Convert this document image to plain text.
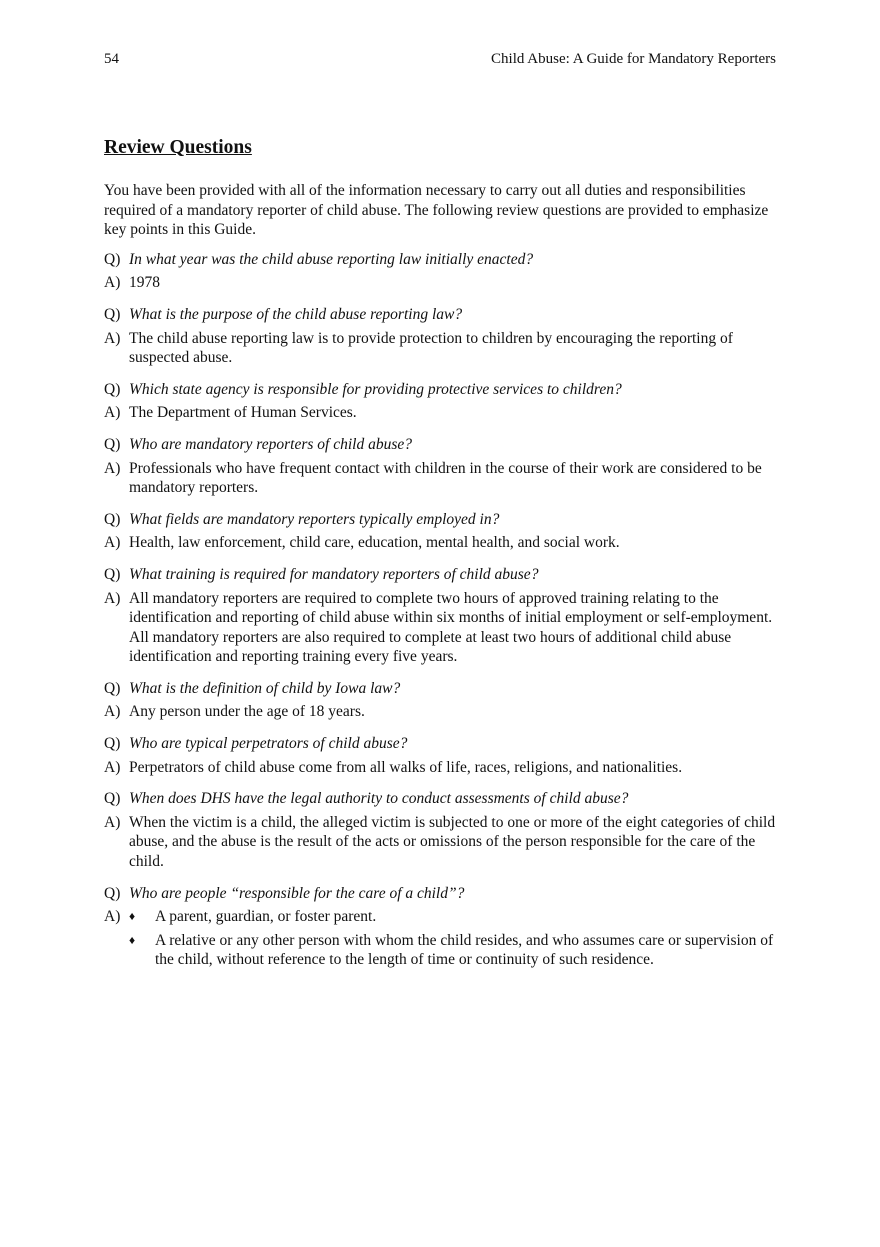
54	Child Abuse: A Guide for Mandatory Reporters
Review Questions

You have been provided with all of the information necessary to carry out all duties and responsibilities required of a mandatory reporter of child abuse. The following review questions are provided to emphasize key points in this Guide.

Q) In what year was the child abuse reporting law initially enacted?
A) 1978
Q) What is the purpose of the child abuse reporting law?
A) The child abuse reporting law is to provide protection to children by encouraging the reporting of suspected abuse.
Q) Which state agency is responsible for providing protective services to children?
A) The Department of Human Services.
Q) Who are mandatory reporters of child abuse?
A) Professionals who have frequent contact with children in the course of their work are considered to be mandatory reporters.
Q) What fields are mandatory reporters typically employed in?
A) Health, law enforcement, child care, education, mental health, and social work.
Q) What training is required for mandatory reporters of child abuse?
A) All mandatory reporters are required to complete two hours of approved training relating to the identification and reporting of child abuse within six months of initial employment or self-employment. All mandatory reporters are also required to complete at least two hours of additional child abuse identification and reporting training every five years.
Q) What is the definition of child by Iowa law?
A) Any person under the age of 18 years.
Q) Who are typical perpetrators of child abuse?
A) Perpetrators of child abuse come from all walks of life, races, religions, and nationalities.
Q) When does DHS have the legal authority to conduct assessments of child abuse?
A) When the victim is a child, the alleged victim is subjected to one or more of the eight categories of child abuse, and the abuse is the result of the acts or omissions of the person responsible for the care of the child.
Q) Who are people “responsible for the care of a child”?
A) ♦	A parent, guardian, or foster parent.
♦	A relative or any other person with whom the child resides, and who assumes care or supervision of the child, without reference to the length of time or continuity of such residence.
